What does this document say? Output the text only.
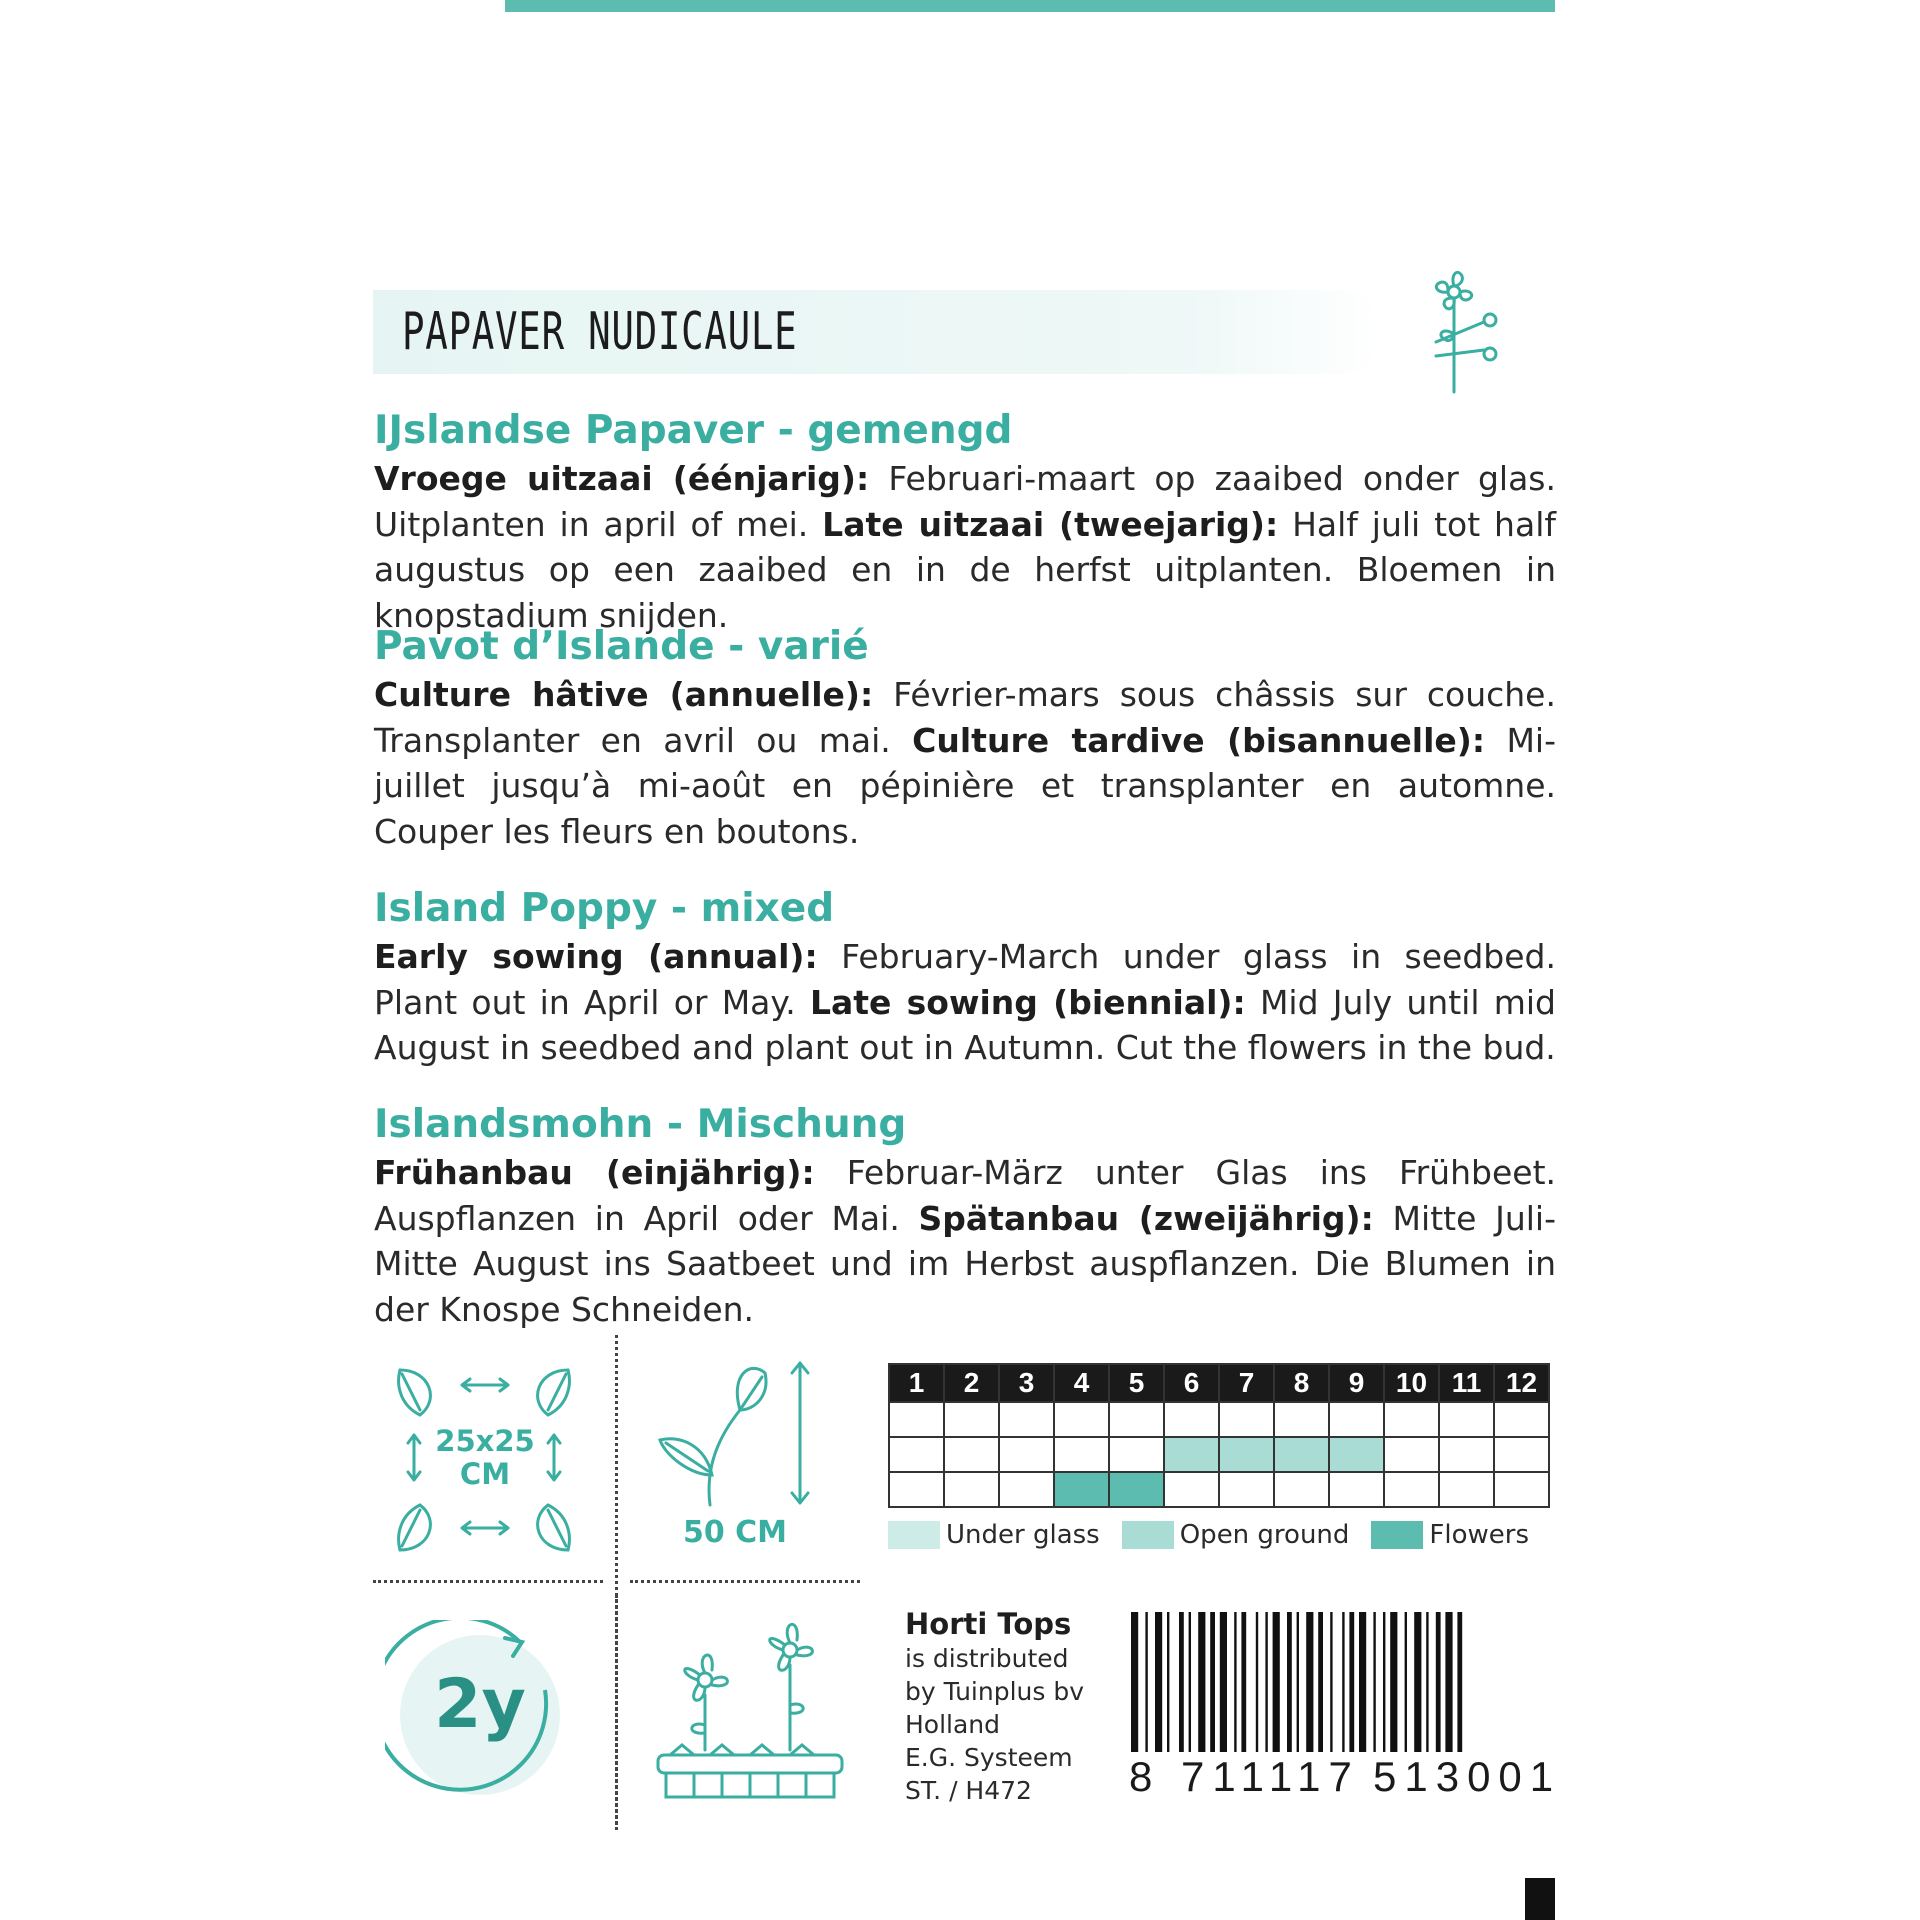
PAPAVER NUDICAULE
IJslandse Papaver - gemengd
Vroege uitzaai (éénjarig): Februari-maart op zaaibed onder glas. Uitplanten in april of mei. Late uitzaai (tweejarig): Half juli tot half augustus op een zaaibed en in de herfst uitplanten. Bloemen in knopstadium snijden.
Pavot d’Islande - varié
Culture hâtive (annuelle): Février-mars sous châssis sur couche. Transplanter en avril ou mai. Culture tardive (bisannuelle): Mi-juillet jusqu’à mi-août en pépinière et transplanter en automne. Couper les fleurs en boutons.
Island Poppy - mixed
Early sowing (annual): February-March under glass in seedbed. Plant out in April or May. Late sowing (biennial): Mid July until mid August in seedbed and plant out in Autumn. Cut the flowers in the bud.
Islandsmohn - Mischung
Frühanbau (einjährig): Februar-März unter Glas ins Frühbeet. Auspflanzen in April oder Mai. Spätanbau (zweijährig): Mitte Juli-Mitte August ins Saatbeet und im Herbst auspflanzen. Die Blumen in der Knospe Schneiden.
25x25
CM
50 CM
2y
1	2	3	4	5	6	7	8	9	10	11	12

Under glass	Open ground	Flowers
Horti Tops
is distributed
by Tuinplus bv
Holland
E.G. Systeem
ST. / H472	8 711117 513001
